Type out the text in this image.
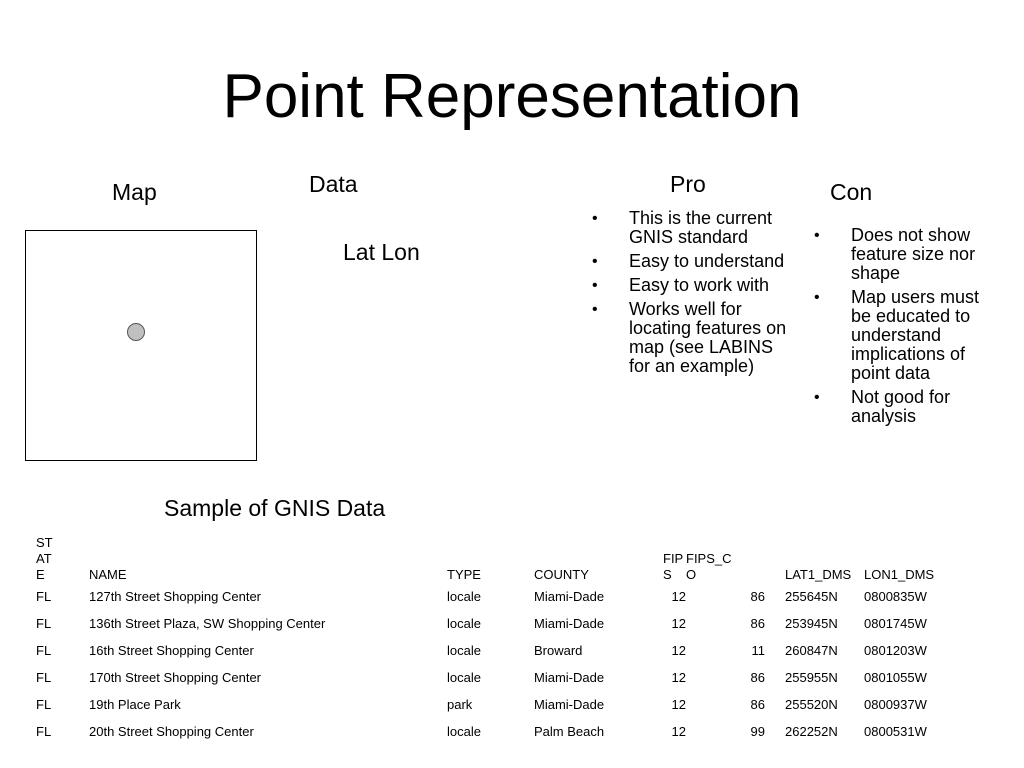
Point Representation
Map	Data
Lat Lon
Pro	Con
• This is the current GNIS standard
• Easy to understand
• Easy to work with
• Works well for locating features on map (see LABINS for an example)
• Does not show feature size nor shape
• Map users must be educated to understand implications of point data
• Not good for analysis
Sample of GNIS Data
STATE	NAME	TYPE	COUNTY	FIPS	FIPS_CO		LAT1_DMS	LON1_DMS
FL	127th Street Shopping Center	locale	Miami-Dade	12	86		255645N	0800835W
FL	136th Street Plaza, SW Shopping Center	locale	Miami-Dade	12	86		253945N	0801745W
FL	16th Street Shopping Center	locale	Broward	12	11		260847N	0801203W
FL	170th Street Shopping Center	locale	Miami-Dade	12	86		255955N	0801055W
FL	19th Place Park	park	Miami-Dade	12	86		255520N	0800937W
FL	20th Street Shopping Center	locale	Palm Beach	12	99		262252N	0800531W
